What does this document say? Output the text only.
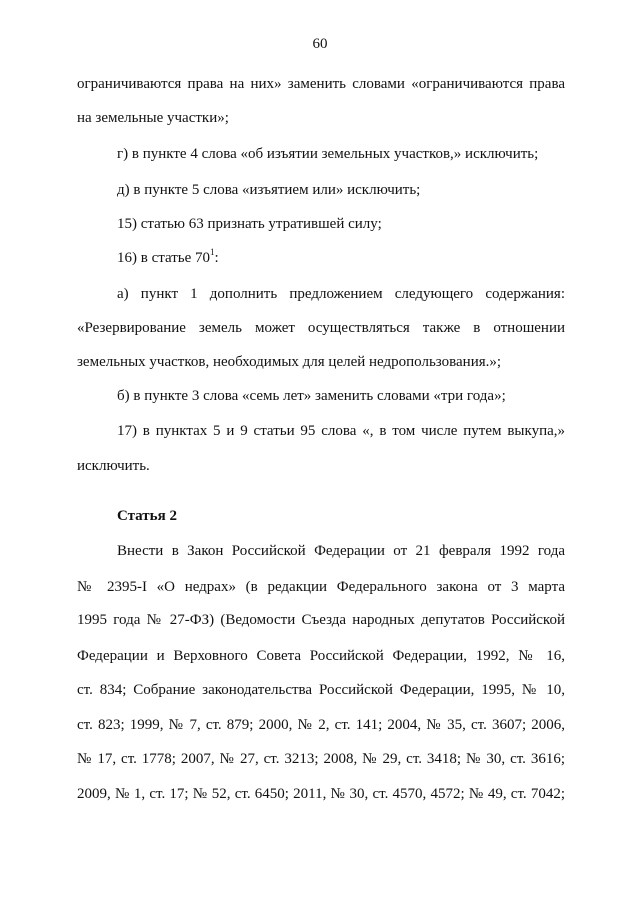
60
ограничиваются права на них» заменить словами «ограничиваются права
на земельные участки»;
г) в пункте 4 слова «об изъятии земельных участков,» исключить;
д) в пункте 5 слова «изъятием или» исключить;
15) статью 63 признать утратившей силу;
16) в статье $70^1$:
а) пункт 1 дополнить предложением следующего содержания:
«Резервирование земель может осуществляться также в отношении
земельных участков, необходимых для целей недропользования.»;
б) в пункте 3 слова «семь лет» заменить словами «три года»;
17) в пунктах 5 и 9 статьи 95 слова «, в том числе путем выкупа,»
исключить.
Статья 2
Внести в Закон Российской Федерации от 21 февраля 1992 года
№ 2395-I «О недрах» (в редакции Федерального закона от 3 марта
1995 года № 27-ФЗ) (Ведомости Съезда народных депутатов Российской
Федерации и Верховного Совета Российской Федерации, 1992, № 16,
ст. 834; Собрание законодательства Российской Федерации, 1995, № 10,
ст. 823; 1999, № 7, ст. 879; 2000, № 2, ст. 141; 2004, № 35, ст. 3607; 2006,
№ 17, ст. 1778; 2007, № 27, ст. 3213; 2008, № 29, ст. 3418; № 30, ст. 3616;
2009, № 1, ст. 17; № 52, ст. 6450; 2011, № 30, ст. 4570, 4572; № 49, ст. 7042;
